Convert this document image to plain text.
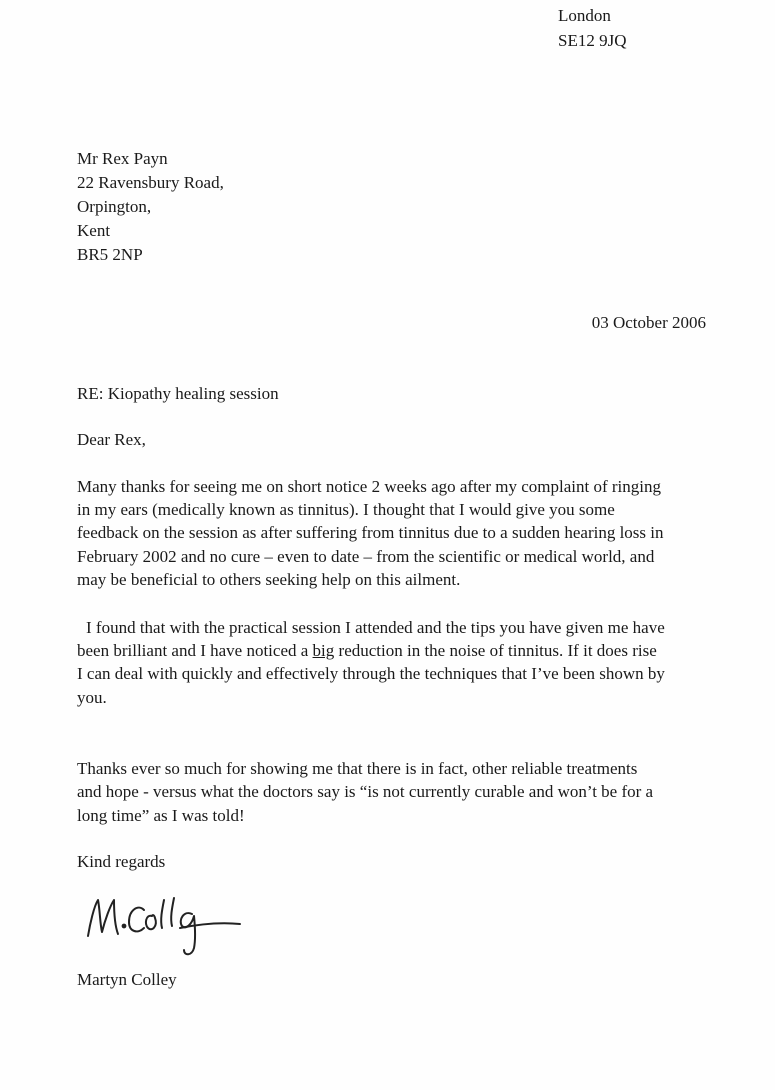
London
SE12 9JQ
Mr Rex Payn
22 Ravensbury Road,
Orpington,
Kent
BR5 2NP
03 October 2006
RE: Kiopathy healing session
Dear Rex,
Many thanks for seeing me on short notice 2 weeks ago after my complaint of ringing
in my ears (medically known as tinnitus). I thought that I would give you some
feedback on the session as after suffering from tinnitus due to a sudden hearing loss in
February 2002 and no cure – even to date – from the scientific or medical world, and
may be beneficial to others seeking help on this ailment.
I found that with the practical session I attended and the tips you have given me have
been brilliant and I have noticed a big reduction in the noise of tinnitus. If it does rise
I can deal with quickly and effectively through the techniques that I’ve been shown by
you.
Thanks ever so much for showing me that there is in fact, other reliable treatments
and hope - versus what the doctors say is “is not currently curable and won’t be for a
long time” as I was told!
Kind regards
Martyn Colley
